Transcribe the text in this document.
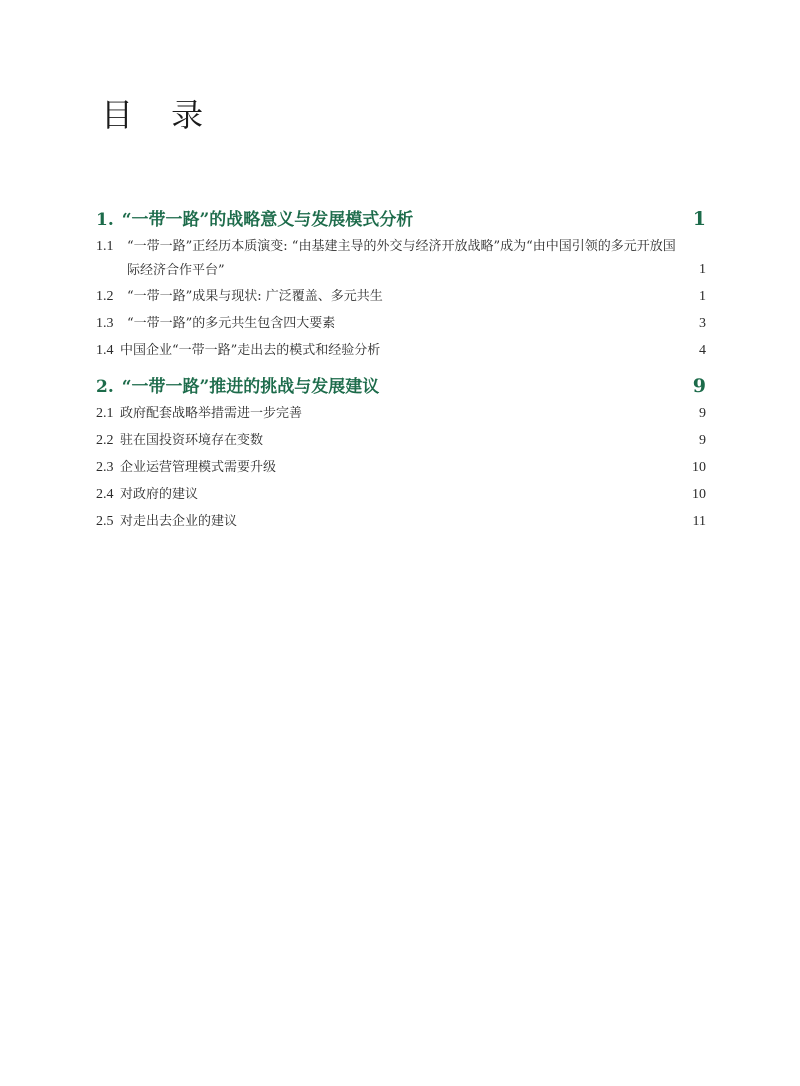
目 录
1. “一带一路”的战略意义与发展模式分析	1
1.1	“一带一路”正经历本质演变: “由基建主导的外交与经济开放战略”成为“由中国引领的多元开放国际经济合作平台”	1
1.2	“一带一路”成果与现状: 广泛覆盖、多元共生	1
1.3	“一带一路”的多元共生包含四大要素	3
1.4 中国企业“一带一路”走出去的模式和经验分析	4
2. “一带一路”推进的挑战与发展建议	9
2.1 政府配套战略举措需进一步完善	9
2.2 驻在国投资环境存在变数	9
2.3 企业运营管理模式需要升级	10
2.4 对政府的建议	10
2.5 对走出去企业的建议	11
